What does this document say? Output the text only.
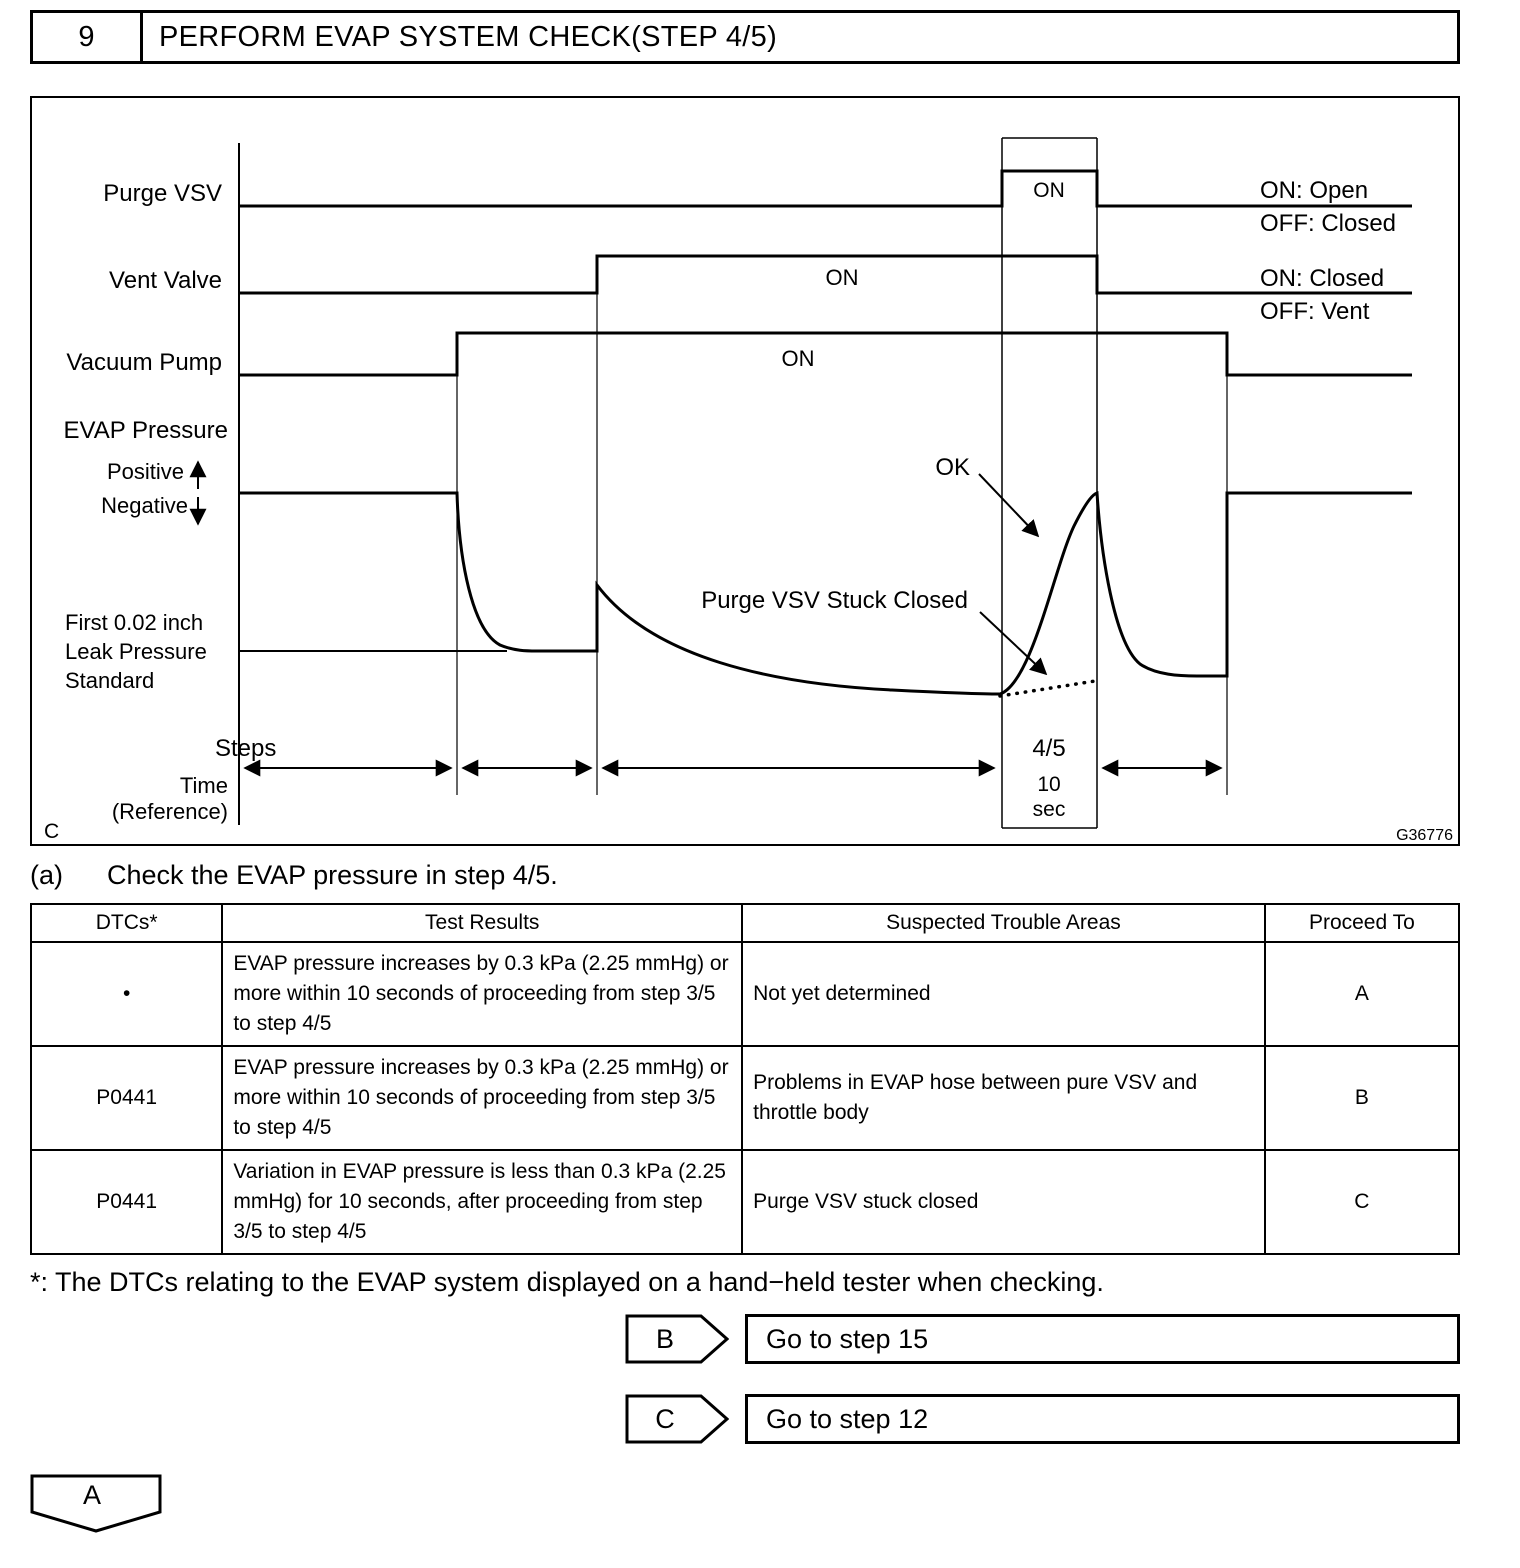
9	PERFORM EVAP SYSTEM CHECK(STEP 4/5)
Purge VSV
Vent Valve
Vacuum Pump
EVAP Pressure
Positive
Negative
First 0.02 inch
Leak Pressure
Standard
Steps
Time
(Reference)
4/5
10
sec
ON
ON
ON
OK
Purge VSV Stuck Closed
ON: Open
OFF: Closed
ON: Closed
OFF: Vent
C	G36776
(a)	Check the EVAP pressure in step 4/5.
DTCs*	Test Results	Suspected Trouble Areas	Proceed To
•	EVAP pressure increases by 0.3 kPa (2.25 mmHg) or more within 10 seconds of proceeding from step 3/5 to step 4/5	Not yet determined	A
P0441	EVAP pressure increases by 0.3 kPa (2.25 mmHg) or more within 10 seconds of proceeding from step 3/5 to step 4/5	Problems in EVAP hose between pure VSV and throttle body	B
P0441	Variation in EVAP pressure is less than 0.3 kPa (2.25 mmHg) for 10 seconds, after proceeding from step 3/5 to step 4/5	Purge VSV stuck closed	C
*: The DTCs relating to the EVAP system displayed on a hand−held tester when checking.
B	Go to step 15
C	Go to step 12
A
